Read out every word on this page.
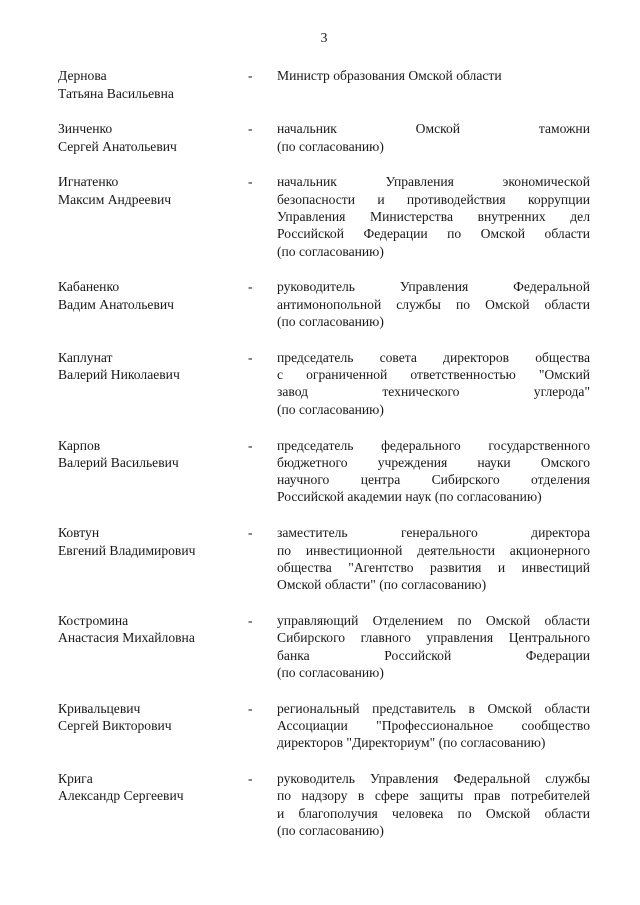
3
Дернова
Татьяна Васильевна
-	Министр образования Омской области
Зинченко
Сергей Анатольевич
-	начальник Омской таможни
(по согласованию)
Игнатенко
Максим Андреевич
-	начальник Управления экономической
безопасности и противодействия коррупции
Управления Министерства внутренних дел
Российской Федерации по Омской области
(по согласованию)
Кабаненко
Вадим Анатольевич
-	руководитель Управления Федеральной
антимонопольной службы по Омской области
(по согласованию)
Каплунат
Валерий Николаевич
-	председатель совета директоров общества
с ограниченной ответственностью "Омский
завод технического углерода"
(по согласованию)
Карпов
Валерий Васильевич
-	председатель федерального государственного
бюджетного учреждения науки Омского
научного центра Сибирского отделения
Российской академии наук (по согласованию)
Ковтун
Евгений Владимирович
-	заместитель генерального директора
по инвестиционной деятельности акционерного
общества "Агентство развития и инвестиций
Омской области" (по согласованию)
Костромина
Анастасия Михайловна
-	управляющий Отделением по Омской области
Сибирского главного управления Центрального
банка Российской Федерации
(по согласованию)
Кривальцевич
Сергей Викторович
-	региональный представитель в Омской области
Ассоциации "Профессиональное сообщество
директоров "Директориум" (по согласованию)
Крига
Александр Сергеевич
-	руководитель Управления Федеральной службы
по надзору в сфере защиты прав потребителей
и благополучия человека по Омской области
(по согласованию)
